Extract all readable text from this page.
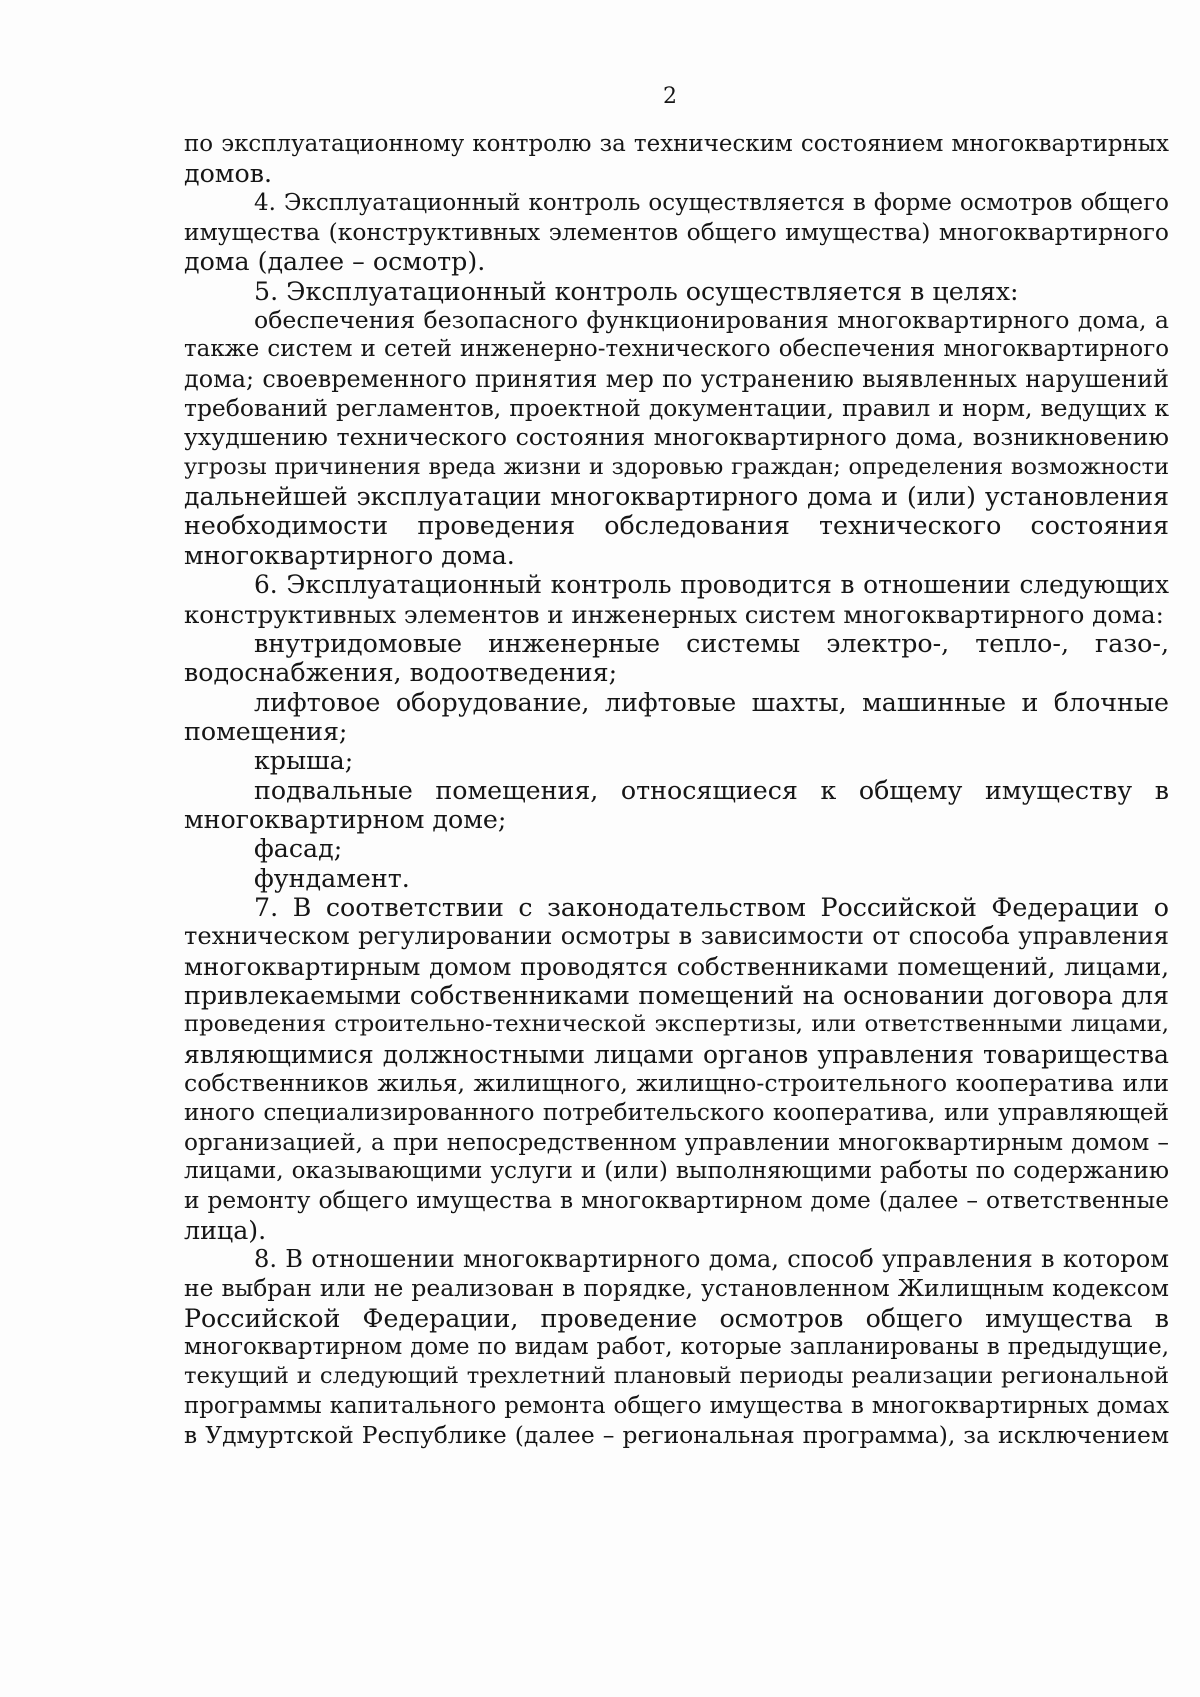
2
по эксплуатационному контролю за техническим состоянием многоквартирных
домов.
4. Эксплуатационный контроль осуществляется в форме осмотров общего
имущества (конструктивных элементов общего имущества) многоквартирного
дома (далее – осмотр).
5. Эксплуатационный контроль осуществляется в целях:
обеспечения безопасного функционирования многоквартирного дома, а
также систем и сетей инженерно-технического обеспечения многоквартирного
дома; своевременного принятия мер по устранению выявленных нарушений
требований регламентов, проектной документации, правил и норм, ведущих к
ухудшению технического состояния многоквартирного дома, возникновению
угрозы причинения вреда жизни и здоровью граждан; определения возможности
дальнейшей эксплуатации многоквартирного дома и (или) установления
необходимости проведения обследования технического состояния
многоквартирного дома.
6. Эксплуатационный контроль проводится в отношении следующих
конструктивных элементов и инженерных систем многоквартирного дома:
внутридомовые инженерные системы электро-, тепло-, газо-,
водоснабжения, водоотведения;
лифтовое оборудование, лифтовые шахты, машинные и блочные
помещения;
крыша;
подвальные помещения, относящиеся к общему имуществу в
многоквартирном доме;
фасад;
фундамент.
7. В соответствии с законодательством Российской Федерации о
техническом регулировании осмотры в зависимости от способа управления
многоквартирным домом проводятся собственниками помещений, лицами,
привлекаемыми собственниками помещений на основании договора для
проведения строительно-технической экспертизы, или ответственными лицами,
являющимися должностными лицами органов управления товарищества
собственников жилья, жилищного, жилищно-строительного кооператива или
иного специализированного потребительского кооператива, или управляющей
организацией, а при непосредственном управлении многоквартирным домом –
лицами, оказывающими услуги и (или) выполняющими работы по содержанию
и ремонту общего имущества в многоквартирном доме (далее – ответственные
лица).
8. В отношении многоквартирного дома, способ управления в котором
не выбран или не реализован в порядке, установленном Жилищным кодексом
Российской Федерации, проведение осмотров общего имущества в
многоквартирном доме по видам работ, которые запланированы в предыдущие,
текущий и следующий трехлетний плановый периоды реализации региональной
программы капитального ремонта общего имущества в многоквартирных домах
в Удмуртской Республике (далее – региональная программа), за исключением
